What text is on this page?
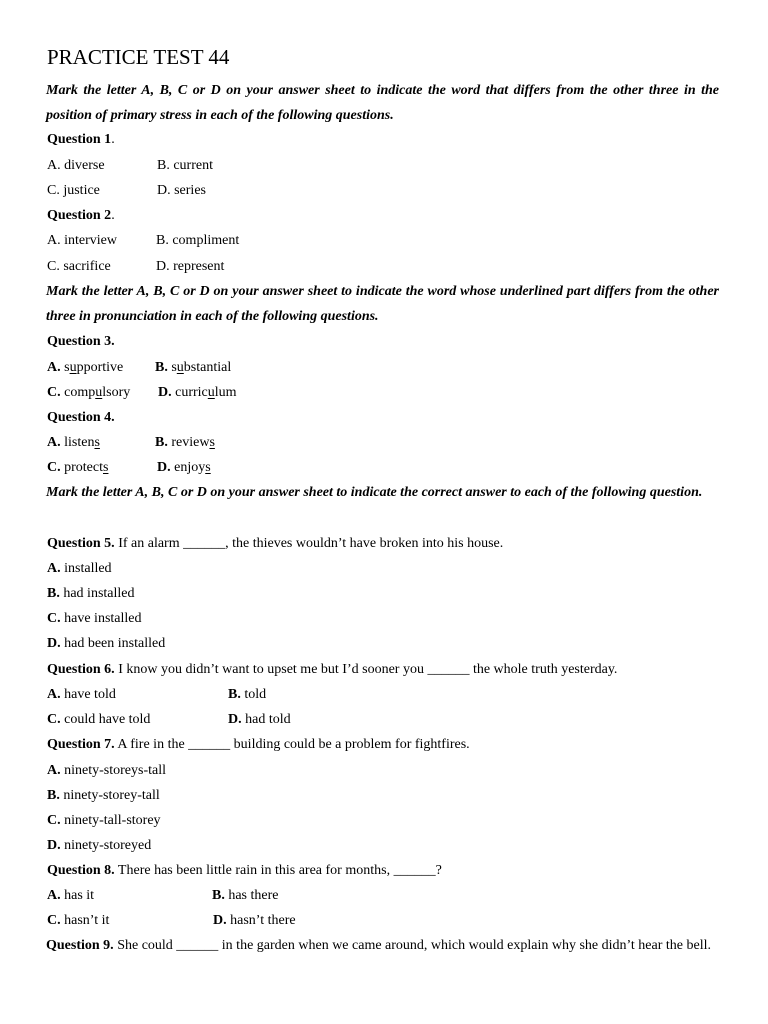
PRACTICE TEST 44
Mark the letter A, B, C or D on your answer sheet to indicate the word that differs from the other three in the position of primary stress in each of the following questions.
Question 1.
A. diverse	B. current
C. justice	D. series
Question 2.
A. interview	B. compliment
C. sacrifice	D. represent
Mark the letter A, B, C or D on your answer sheet to indicate the word whose underlined part differs from the other three in pronunciation in each of the following questions.
Question 3.
A. supportive B. substantial
C. compulsory D. curriculum
Question 4.
A. listens	B. reviews
C. protects	D. enjoys
Mark the letter A, B, C or D on your answer sheet to indicate the correct answer to each of the following question.
Question 5. If an alarm ______, the thieves wouldn’t have broken into his house.
A. installed
B. had installed
C. have installed
D. had been installed
Question 6. I know you didn’t want to upset me but I’d sooner you ______ the whole truth yesterday.
A. have told	B. told
C. could have told	D. had told
Question 7. A fire in the ______ building could be a problem for fightfires.
A. ninety-storeys-tall
B. ninety-storey-tall
C. ninety-tall-storey
D. ninety-storeyed
Question 8. There has been little rain in this area for months, ______?
A. has it	B. has there
C. hasn’t it	D. hasn’t there
Question 9. She could ______ in the garden when we came around, which would explain why she didn’t hear the bell.
